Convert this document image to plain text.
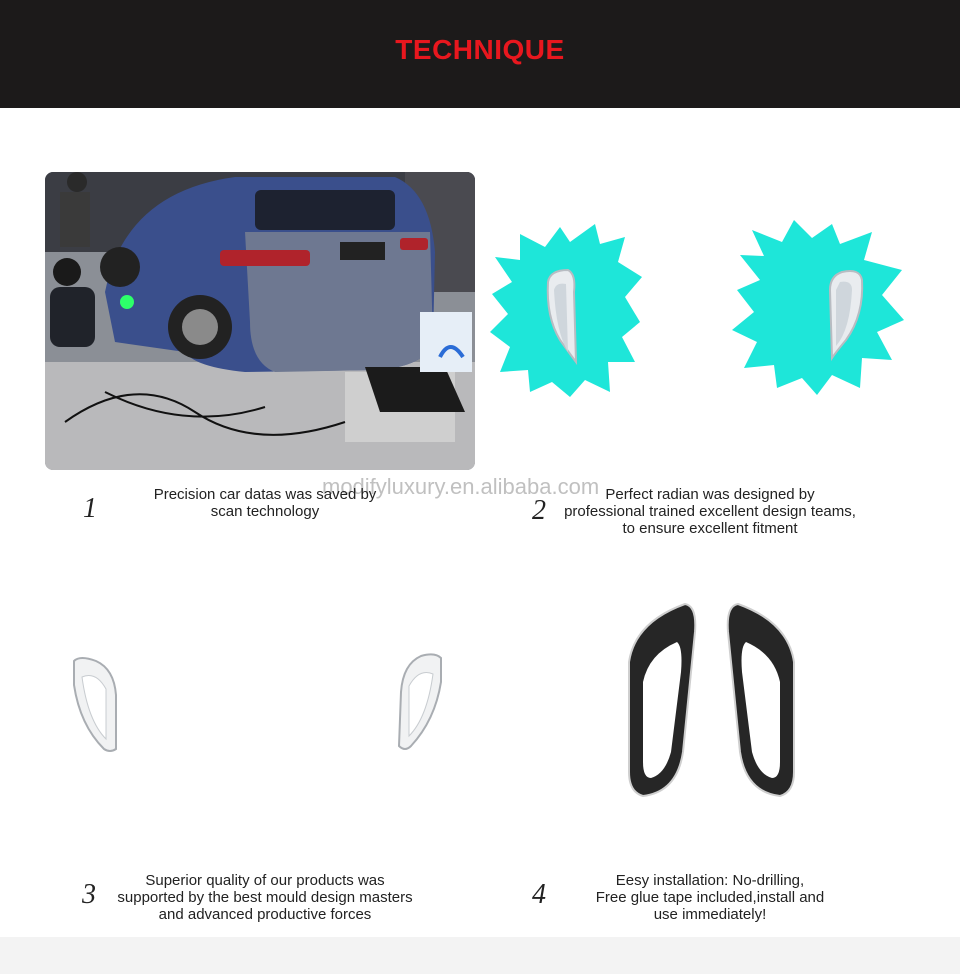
TECHNIQUE
modifyluxury.en.alibaba.com
1	Precision car datas was saved by
scan technology	2
Perfect radian was designed by
professional trained excellent design teams,
to ensure excellent fitment
3	Superior quality of our products was
supported by the best mould design masters
and advanced productive forces
4	Eesy installation: No-drilling,
Free glue tape included,install and
use immediately!
